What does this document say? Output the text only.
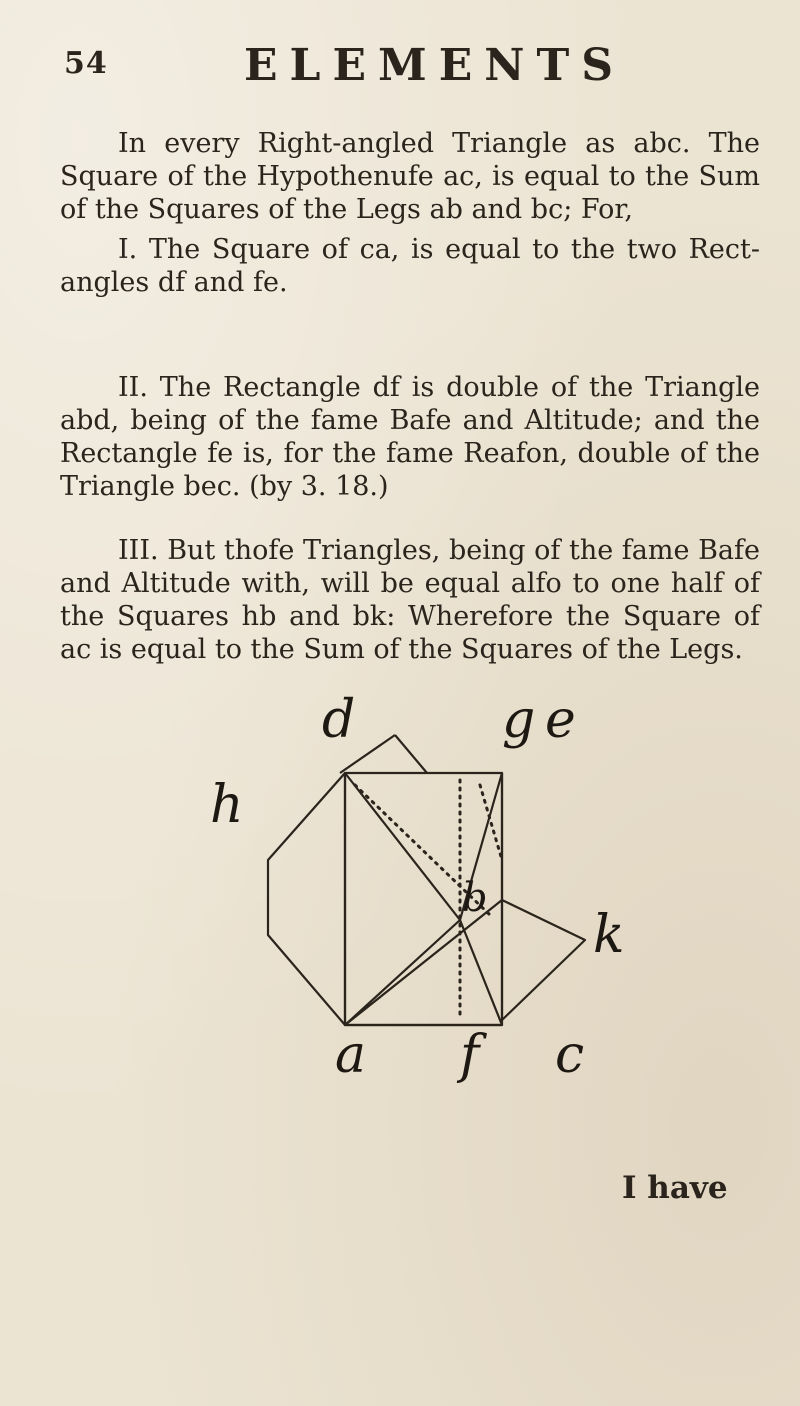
54	ELEMENTS

In every Right-angled Triangle as abc. The Square of the Hypothenufe ac, is equal to the Sum of the Squares of the Legs ab and bc; For,

I. The Square of ca, is equal to the two Rect-angles df and fe.

II. The Rectangle df is double of the Triangle abd, being of the fame Bafe and Altitude; and the Rectangle fe is, for the fame Reafon, double of the Triangle bec. (by 3. 18.)

III. But thofe Triangles, being of the fame Bafe and Altitude with, will be equal alfo to one half of the Squares hb and bk: Wherefore the Square of ac is equal to the Sum of the Squares of the Legs.

d	g e
h
b
k
a f c
I have
